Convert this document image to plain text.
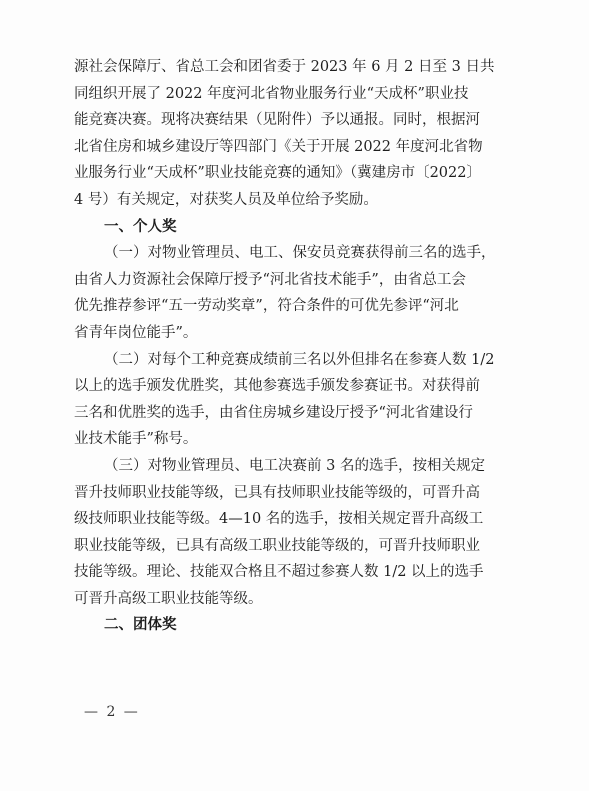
源社会保障厅、省总工会和团省委于 2023 年 6 月 2 日至 3 日共
同组织开展了 2022 年度河北省物业服务行业“天成杯”职业技
能竞赛决赛。现将决赛结果（见附件）予以通报。同时，根据河
北省住房和城乡建设厅等四部门《关于开展 2022 年度河北省物
业服务行业“天成杯”职业技能竞赛的通知》（冀建房市〔2022〕
4 号）有关规定，对获奖人员及单位给予奖励。
一、个人奖
（一）对物业管理员、电工、保安员竞赛获得前三名的选手，
由省人力资源社会保障厅授予“河北省技术能手”，由省总工会
优先推荐参评“五一劳动奖章”，符合条件的可优先参评“河北
省青年岗位能手”。
（二）对每个工种竞赛成绩前三名以外但排名在参赛人数 1/2
以上的选手颁发优胜奖，其他参赛选手颁发参赛证书。对获得前
三名和优胜奖的选手，由省住房城乡建设厅授予“河北省建设行
业技术能手”称号。
（三）对物业管理员、电工决赛前 3 名的选手，按相关规定
晋升技师职业技能等级，已具有技师职业技能等级的，可晋升高
级技师职业技能等级。4—10 名的选手，按相关规定晋升高级工
职业技能等级，已具有高级工职业技能等级的，可晋升技师职业
技能等级。理论、技能双合格且不超过参赛人数 1/2 以上的选手
可晋升高级工职业技能等级。
二、团体奖
— 2 —
